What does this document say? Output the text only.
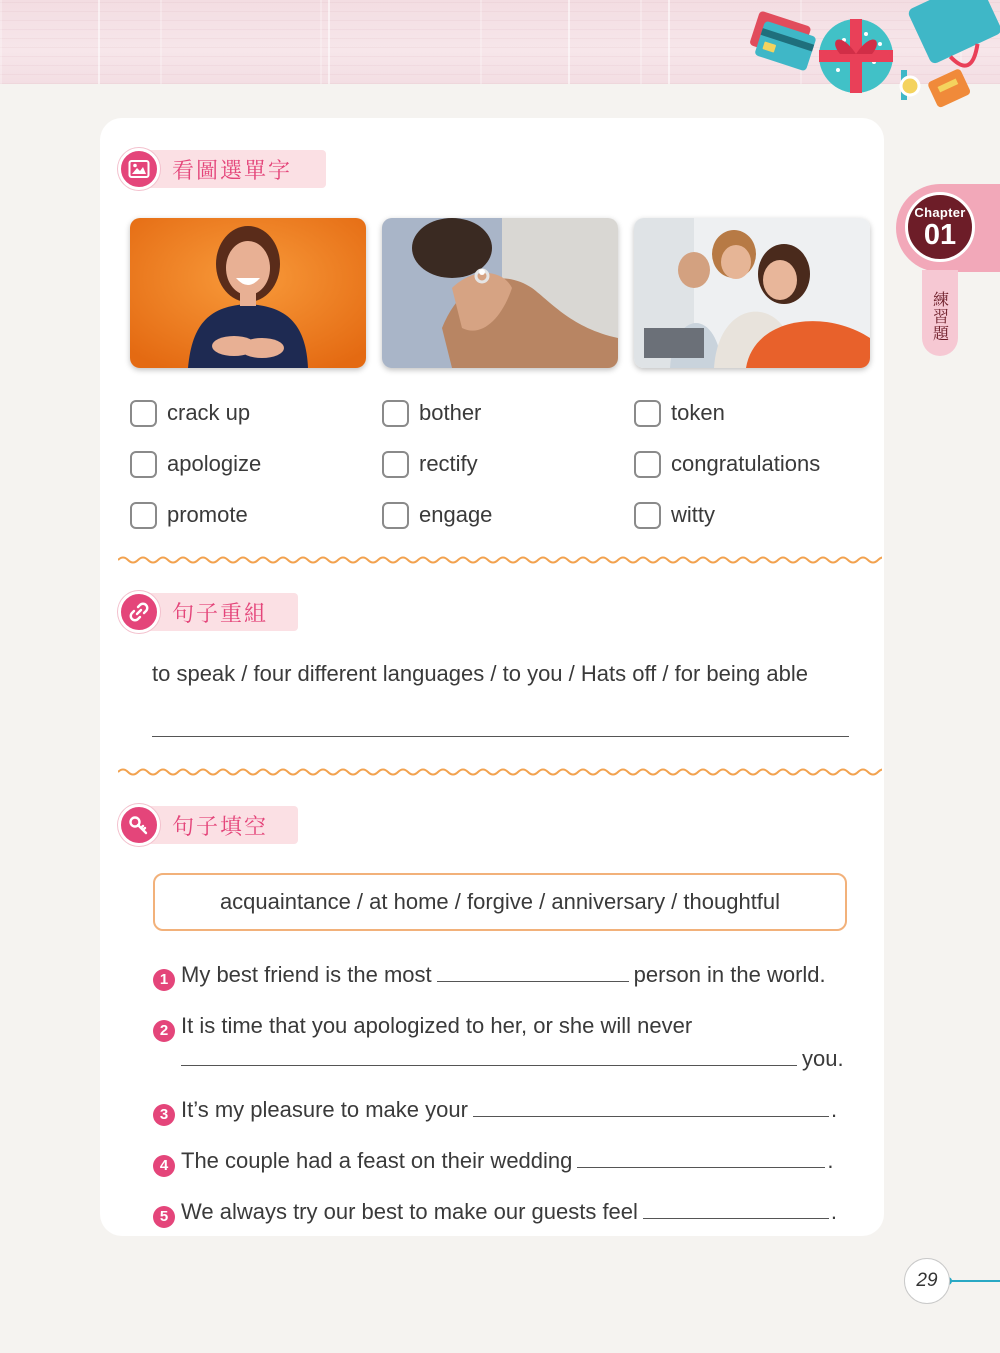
看圖選單字
crack up
apologize
promote
bother
rectify
engage
token
congratulations
witty
句子重組
to speak / four different languages / to you / Hats off / for being able
句子填空
acquaintance / at home / forgive / anniversary / thoughtful
1 My best friend is the most	person in the world.
2 It is time that you apologized to her, or she will never
you.
3 It’s my pleasure to make your	.
4 The couple had a feast on their wedding	.
5 We always try our best to make our guests feel	.
Chapter
01
練習題
29
